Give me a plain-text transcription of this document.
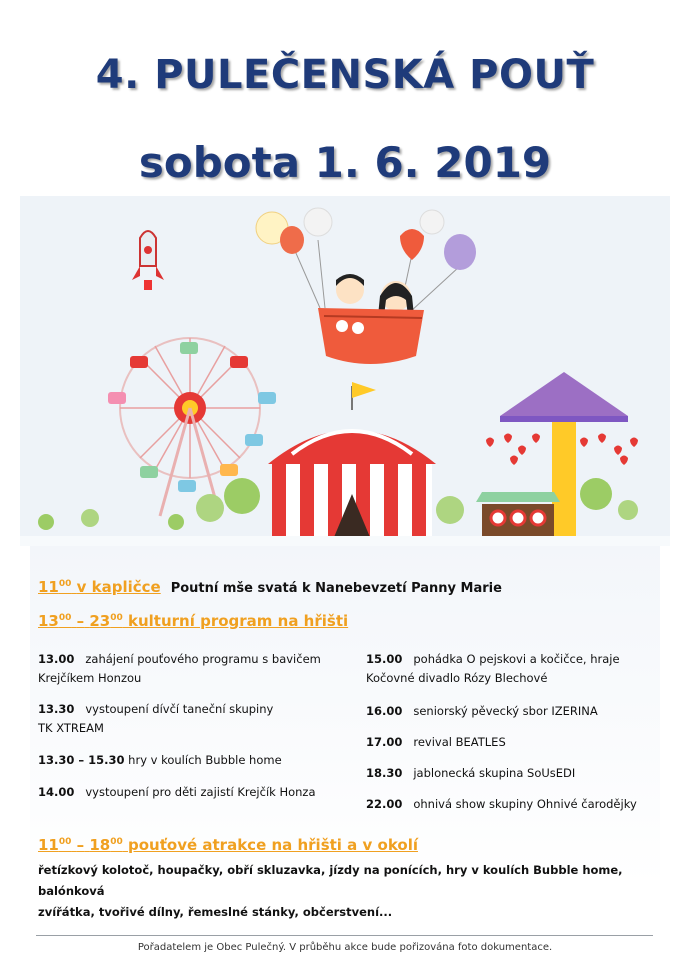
4. PULEČENSKÁ POUŤ
sobota 1. 6. 2019
$11^{00}$ v kapličce Poutní mše svatá k Nanebevzetí Panny Marie
$13^{00} - 23^{00}$ kulturní program na hřišti
13.00 zahájení pouťového programu s bavičem
Krejčíkem Honzou
13.30 vystoupení dívčí taneční skupiny
TK XTREAM
13.30 – 15.30 hry v koulích Bubble home
14.00 vystoupení pro děti zajistí Krejčík Honza
15.00 pohádka O pejskovi a kočičce, hraje
Kočovné divadlo Rózy Blechové
16.00 seniorský pěvecký sbor IZERINA
17.00 revival BEATLES
18.30 jablonecká skupina SoUsEDI
22.00 ohnivá show skupiny Ohnivé čarodějky
$11^{00} - 18^{00}$ pouťové atrakce na hřišti a v okolí
řetízkový kolotoč, houpačky, obří skluzavka, jízdy na ponících, hry v koulích Bubble home, balónková
zvířátka, tvořivé dílny, řemeslné stánky, občerstvení...
Pořadatelem je Obec Pulečný. V průběhu akce bude pořizována foto dokumentace.
